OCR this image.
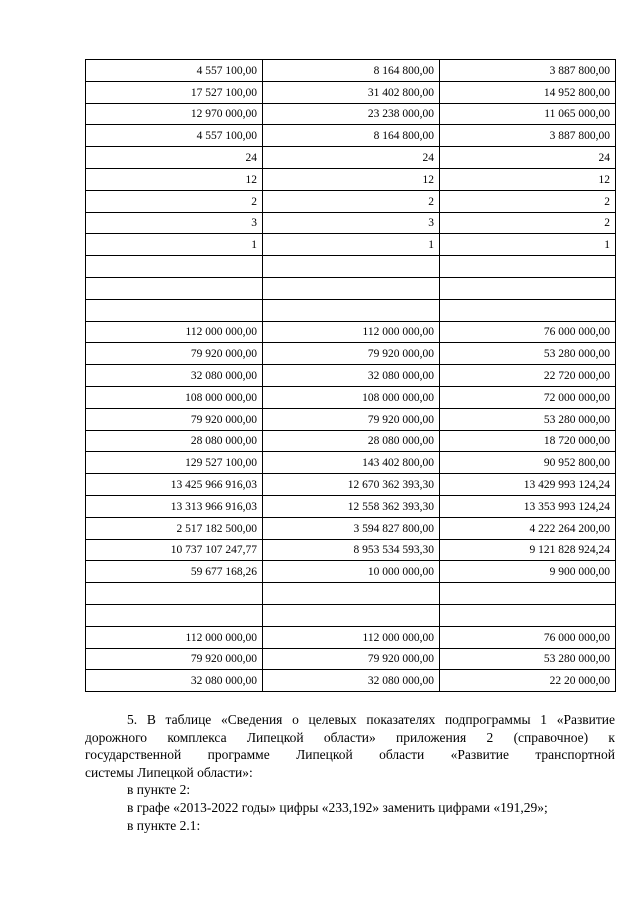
4 557 100,00	8 164 800,00	3 887 800,00
17 527 100,00	31 402 800,00	14 952 800,00
12 970 000,00	23 238 000,00	11 065 000,00
4 557 100,00	8 164 800,00	3 887 800,00
24	24	24
12	12	12
2	2	2
3	3	2
1	1	1

112 000 000,00	112 000 000,00	76 000 000,00
79 920 000,00	79 920 000,00	53 280 000,00
32 080 000,00	32 080 000,00	22 720 000,00
108 000 000,00	108 000 000,00	72 000 000,00
79 920 000,00	79 920 000,00	53 280 000,00
28 080 000,00	28 080 000,00	18 720 000,00
129 527 100,00	143 402 800,00	90 952 800,00
13 425 966 916,03	12 670 362 393,30	13 429 993 124,24
13 313 966 916,03	12 558 362 393,30	13 353 993 124,24
2 517 182 500,00	3 594 827 800,00	4 222 264 200,00
10 737 107 247,77	8 953 534 593,30	9 121 828 924,24
59 677 168,26	10 000 000,00	9 900 000,00

112 000 000,00	112 000 000,00	76 000 000,00
79 920 000,00	79 920 000,00	53 280 000,00
32 080 000,00	32 080 000,00	22 20 000,00

5. В таблице «Сведения о целевых показателях подпрограммы 1 «Развитие

дорожного комплекса Липецкой области» приложения 2 (справочное) к

государственной программе Липецкой области «Развитие транспортной

системы Липецкой области»:

в пункте 2:

в графе «2013-2022 годы» цифры «233,192» заменить цифрами «191,29»;

в пункте 2.1:
